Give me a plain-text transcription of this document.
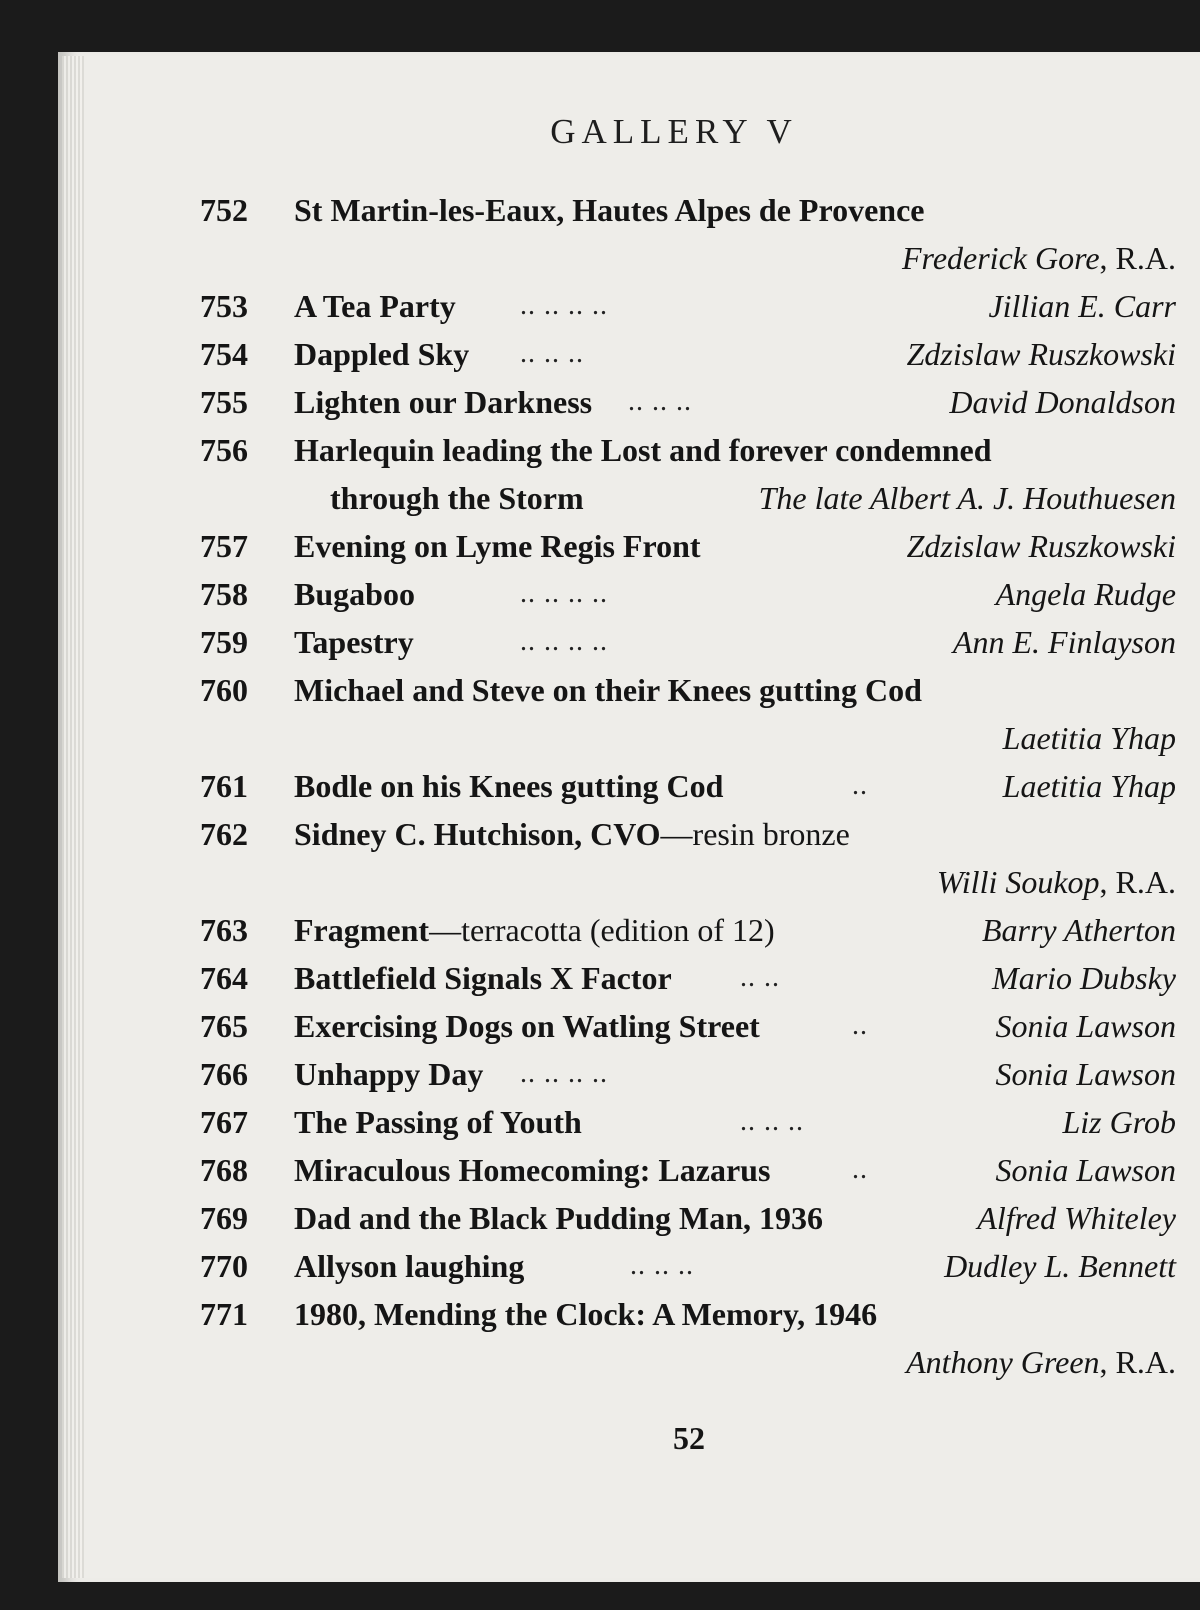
GALLERY V
752 St Martin-les-Eaux, Hautes Alpes de Provence
Frederick Gore, R.A.
753 A Tea Party .. .. .. ..	Jillian E. Carr
754 Dappled Sky .. .. ..	Zdzislaw Ruszkowski
755 Lighten our Darkness .. .. ..	David Donaldson
756 Harlequin leading the Lost and forever condemned
through the Storm	The late Albert A. J. Houthuesen
757 Evening on Lyme Regis Front	Zdzislaw Ruszkowski
758 Bugaboo	.. .. .. ..	Angela Rudge
759 Tapestry	.. .. .. ..	Ann E. Finlayson
760 Michael and Steve on their Knees gutting Cod
Laetitia Yhap
761 Bodle on his Knees gutting Cod	..	Laetitia Yhap
762 Sidney C. Hutchison, CVO—resin bronze
Willi Soukop, R.A.
763 Fragment—terracotta (edition of 12)	Barry Atherton
764 Battlefield Signals X Factor .. ..	Mario Dubsky
765 Exercising Dogs on Watling Street	..	Sonia Lawson
766 Unhappy Day .. .. .. ..	Sonia Lawson
767 The Passing of Youth	.. .. ..	Liz Grob
768 Miraculous Homecoming: Lazarus	..	Sonia Lawson
769 Dad and the Black Pudding Man, 1936	Alfred Whiteley
770 Allyson laughing	.. .. ..	Dudley L. Bennett
771 1980, Mending the Clock: A Memory, 1946
Anthony Green, R.A.
52
